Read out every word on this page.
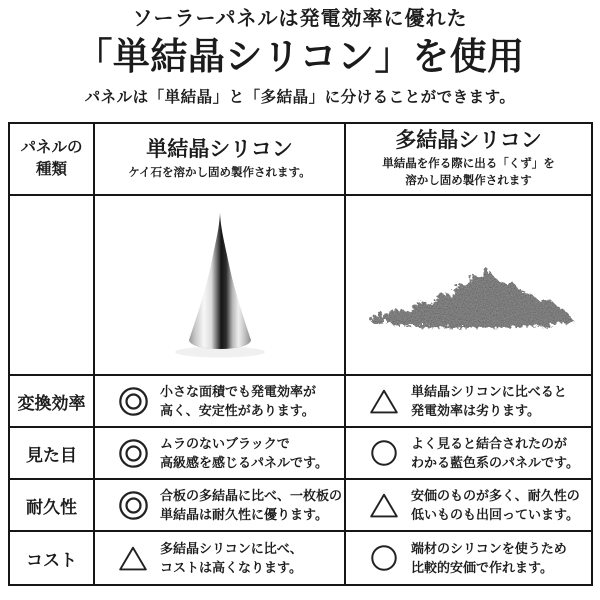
ソーラーパネルは発電効率に優れた
「単結晶シリコン」を使用
パネルは「単結晶」と「多結晶」に分けることができます。
パネルの
種類
単結晶シリコン
ケイ石を溶かし固め製作されます。
多結晶シリコン
単結晶を作る際に出る「くず」を
溶かし固め製作されます
変換効率
小さな面積でも発電効率が
高く、安定性があります。
単結晶シリコンに比べると
発電効率は劣ります。
見た目
ムラのないブラックで
高級感を感じるパネルです。
よく見ると結合されたのが
わかる藍色系のパネルです。
耐久性
合板の多結晶に比べ、一枚板の
単結晶は耐久性に優ります。
安価のものが多く、耐久性の
低いものも出回っています。
コスト
多結晶シリコンに比べ、
コストは高くなります。
端材のシリコンを使うため
比較的安価で作れます。
